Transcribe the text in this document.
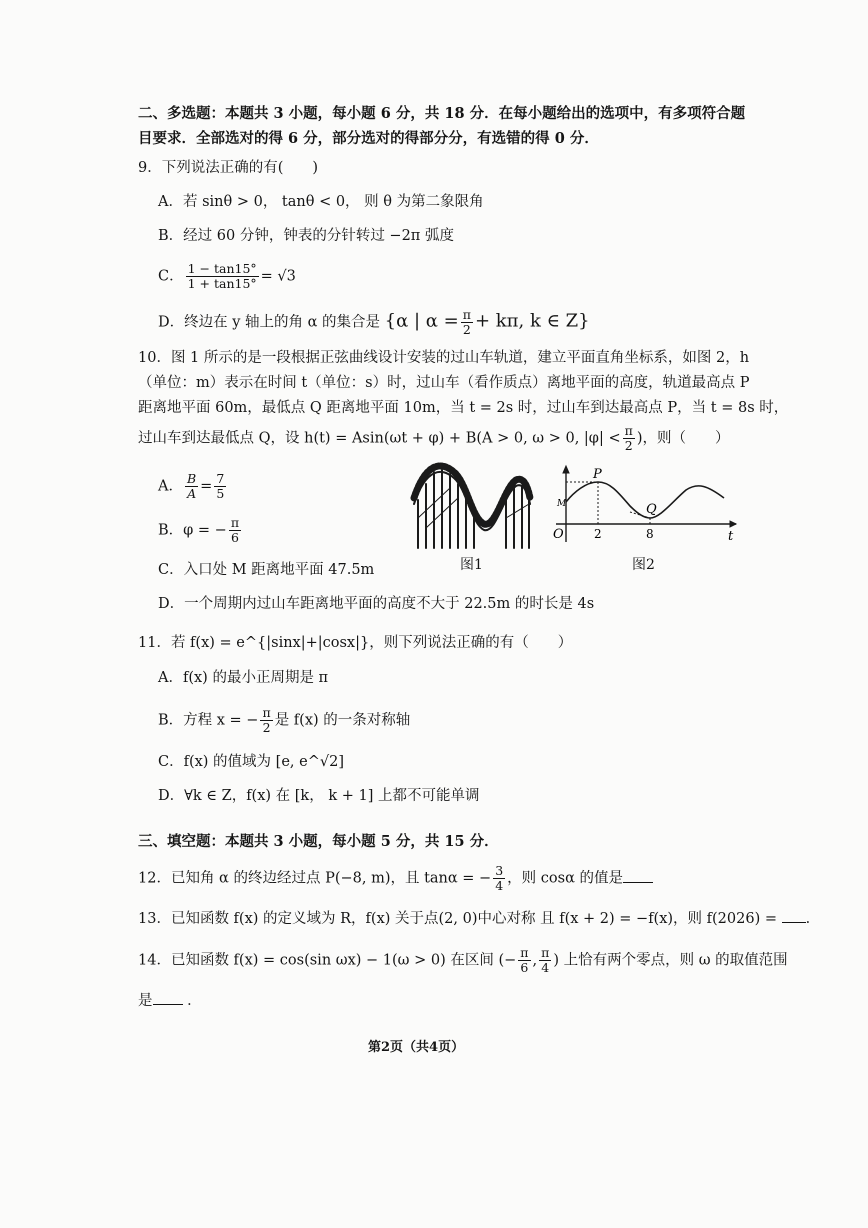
二、多选题：本题共 3 小题，每小题 6 分，共 18 分．在每小题给出的选项中，有多项符合题
目要求．全部选对的得 6 分，部分选对的得部分分，有选错的得 0 分．
9．下列说法正确的有(　　)
A．若 sinθ > 0， tanθ < 0， 则 θ 为第二象限角
B．经过 60 分钟，钟表的分针转过 −2π 弧度
C． $\frac{1 - \tan 15^\circ}{1 + \tan 15^\circ} = √3$
D．终边在 y 轴上的角 α 的集合是 {α | $\alpha = \frac{\pi}{2} + k\pi$, k ∈ Z}
10．图 1 所示的是一段根据正弦曲线设计安装的过山车轨道，建立平面直角坐标系，如图 2，h
（单位：m）表示在时间 t（单位：s）时，过山车（看作质点）离地平面的高度，轨道最高点 P
距离地平面 60m，最低点 Q 距离地平面 10m，当 t = 2s 时，过山车到达最高点 P，当 t = 8s 时，
过山车到达最低点 Q，设 h(t) = Asin(ωt + φ) + B(A > 0, ω > 0, $|\varphi| < \frac{\pi}{2}$ )，则（　　）
A． $\frac{B}{A} = \frac{7}{5}$
B．φ = − $\frac{\pi}{6}$
C．入口处 M 距离地平面 47.5m
D．一个周期内过山车距离地平面的高度不大于 22.5m 的时长是 4s
图1
P
Q
O
M
2	8	t
图2
11．若 f(x) = e^{|sinx|+|cosx|}，则下列说法正确的有（　　）
A．f(x) 的最小正周期是 π
B．方程 x = − $\frac{\pi}{2}$ 是 f(x) 的一条对称轴
C．f(x) 的值域为 [e, e^√2]
D．∀k ∈ Z，f(x) 在 [k， k + 1] 上都不可能单调
三、填空题：本题共 3 小题，每小题 5 分，共 15 分．
12．已知角 α 的终边经过点 P(−8, m)，且 tanα = − $\frac{3}{4}$ ，则 cosα 的值是
13．已知函数 f(x) 的定义域为 R，f(x) 关于点(2, 0)中心对称 且 f(x + 2) = −f(x)，则 f(2026) = ．
14．已知函数 f(x) = cos(sin ωx) − 1(ω > 0) 在区间 (− $\frac{\pi}{6}$ , $\frac{\pi}{4}$ ) 上恰有两个零点，则 ω 的取值范围
是 ．
第2页（共4页）
